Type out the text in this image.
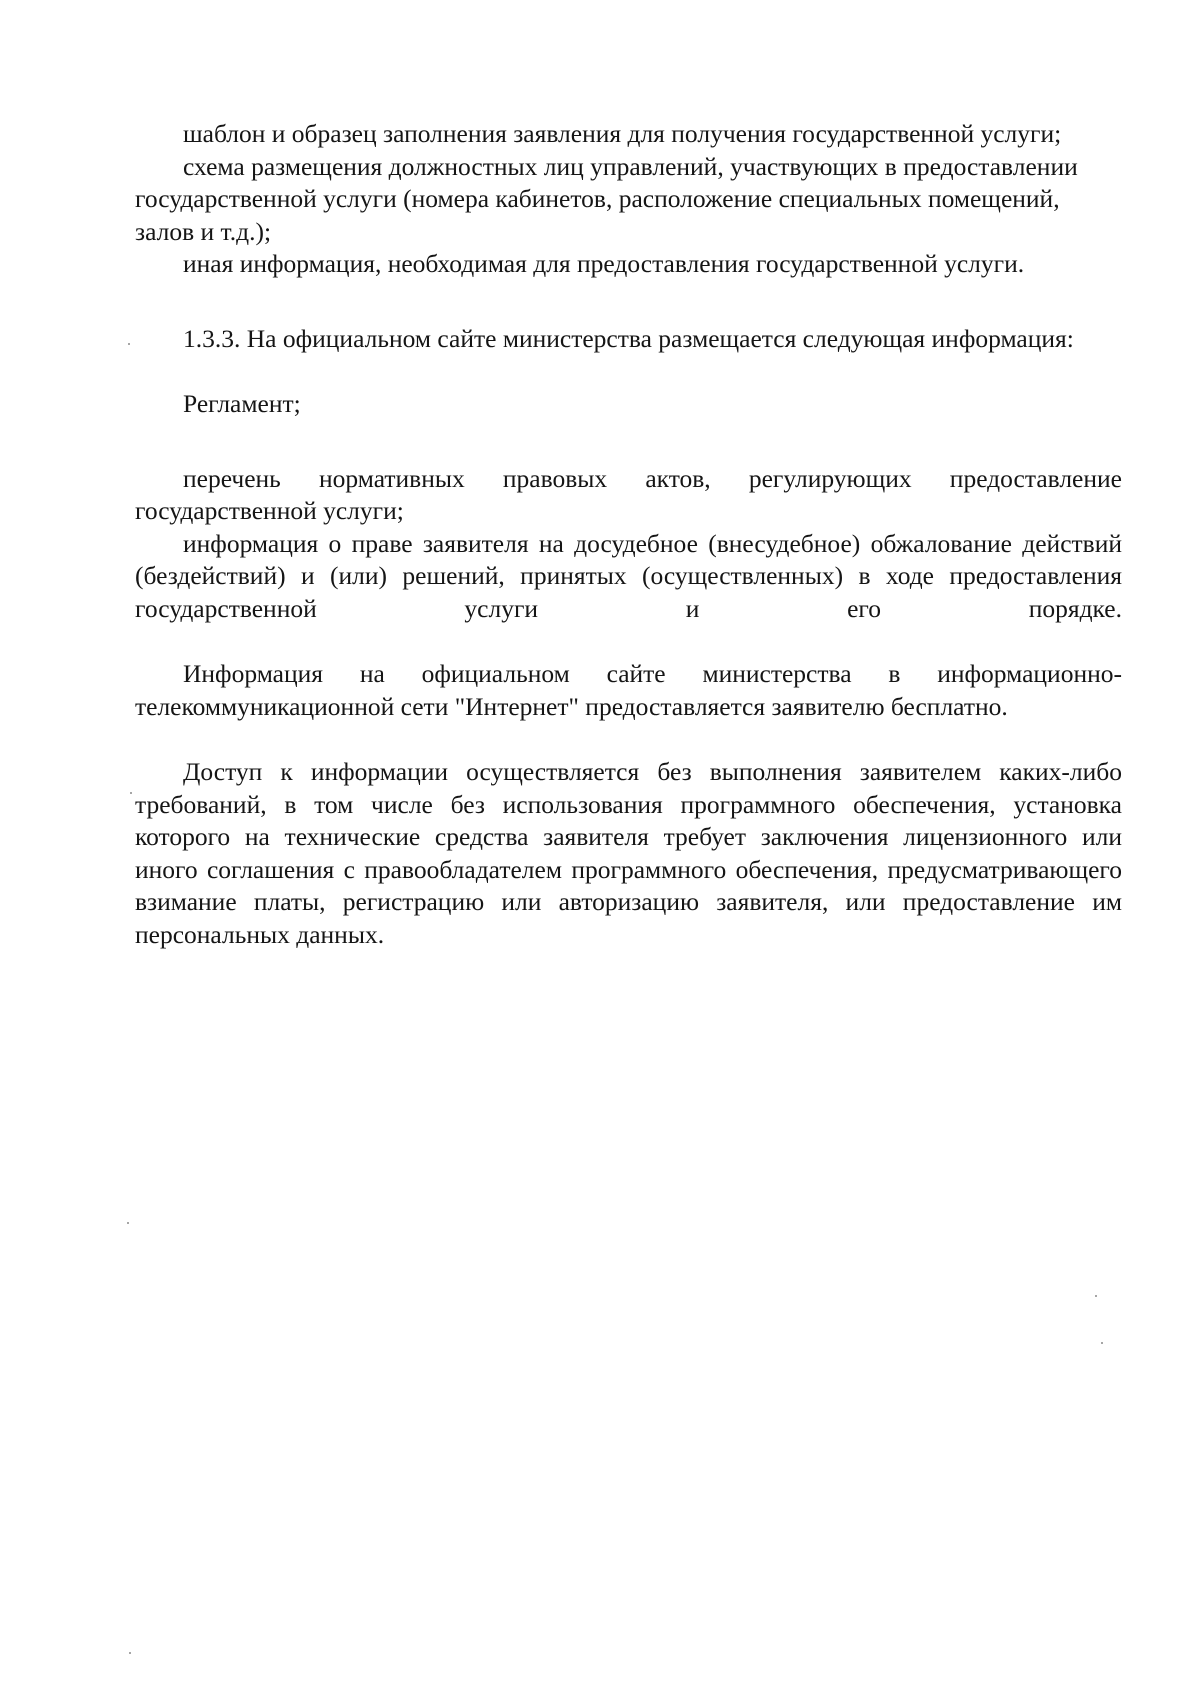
шаблон и образец заполнения заявления для получения государственной услуги;

схема размещения должностных лиц управлений, участвующих в предоставлении государственной услуги (номера кабинетов, расположение специальных помещений, залов и т.д.);

иная информация, необходимая для предоставления государственной услуги.

1.3.3. На официальном сайте министерства размещается следующая информация:

Регламент;

перечень нормативных правовых актов, регулирующих предоставление государственной услуги;

информация о праве заявителя на досудебное (внесудебное) обжалование действий (бездействий) и (или) решений, принятых (осуществленных) в ходе предоставления государственной услуги и его порядке.

Информация на официальном сайте министерства в информационно-телекоммуникационной сети "Интернет" предоставляется заявителю бесплатно.

Доступ к информации осуществляется без выполнения заявителем каких-либо требований, в том числе без использования программного обеспечения, установка которого на технические средства заявителя требует заключения лицензионного или иного соглашения с правообладателем программного обеспечения, предусматривающего взимание платы, регистрацию или авторизацию заявителя, или предоставление им персональных данных.
